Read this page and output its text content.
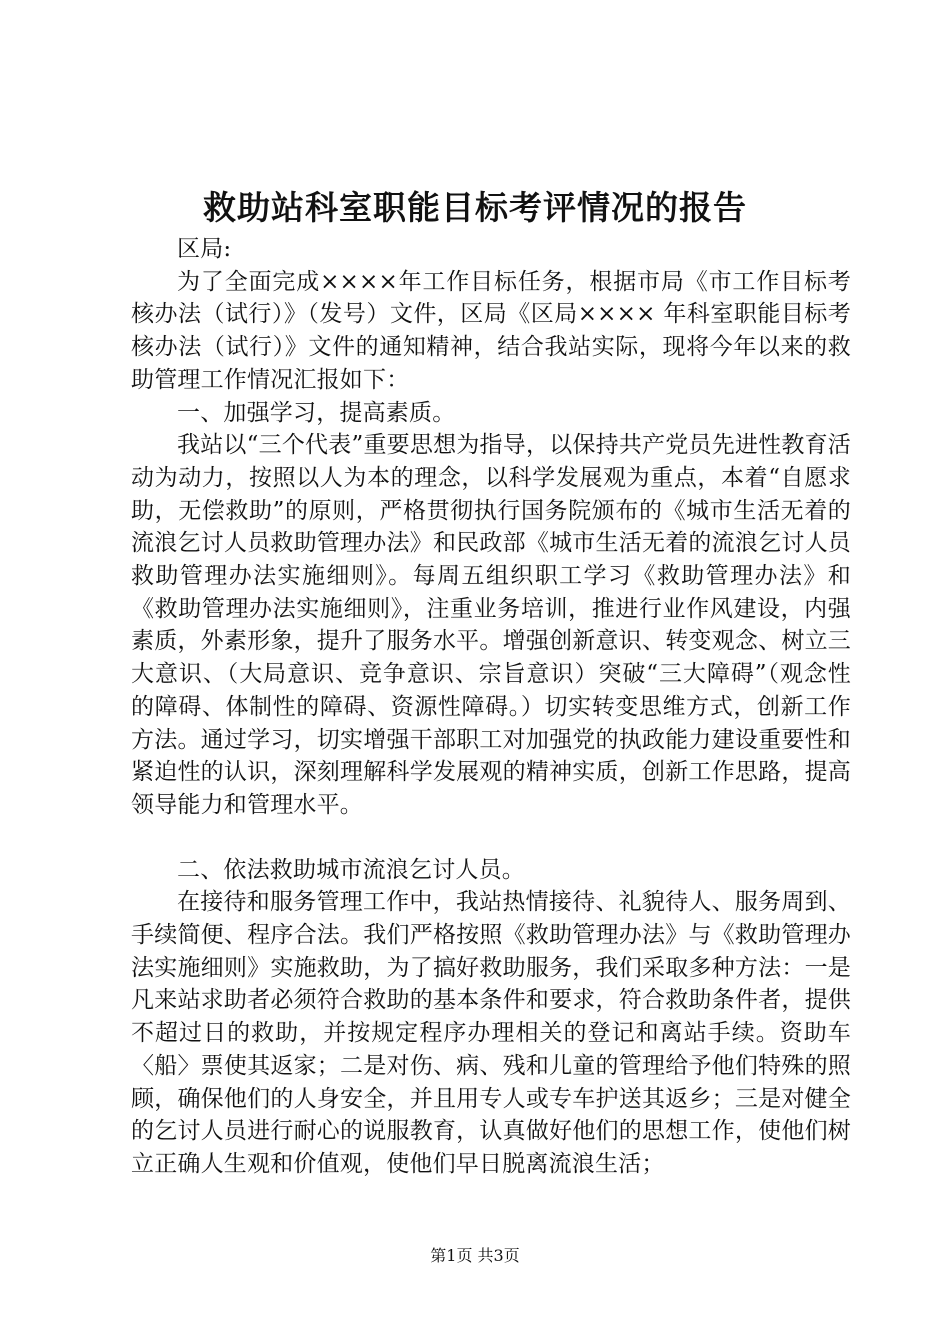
救助站科室职能目标考评情况的报告

区局:

为了全面完成××××年工作目标任务，根据市局《市工作目标考核办法（试行）》（发号）文件，区局《区局×××× 年科室职能目标考核办法（试行）》文件的通知精神，结合我站实际，现将今年以来的救助管理工作情况汇报如下：

一、加强学习，提高素质。

我站以“三个代表”重要思想为指导，以保持共产党员先进性教育活动为动力，按照以人为本的理念，以科学发展观为重点，本着“自愿求助，无偿救助”的原则，严格贯彻执行国务院颁布的《城市生活无着的流浪乞讨人员救助管理办法》和民政部《城市生活无着的流浪乞讨人员救助管理办法实施细则》。每周五组织职工学习《救助管理办法》和《救助管理办法实施细则》，注重业务培训，推进行业作风建设，内强素质，外素形象，提升了服务水平。增强创新意识、转变观念、树立三大意识、（大局意识、竞争意识、宗旨意识）突破“三大障碍”（观念性的障碍、体制性的障碍、资源性障碍。）切实转变思维方式，创新工作方法。通过学习，切实增强干部职工对加强党的执政能力建设重要性和紧迫性的认识，深刻理解科学发展观的精神实质，创新工作思路，提高领导能力和管理水平。

二、依法救助城市流浪乞讨人员。

在接待和服务管理工作中，我站热情接待、礼貌待人、服务周到、手续简便、程序合法。我们严格按照《救助管理办法》与《救助管理办法实施细则》实施救助，为了搞好救助服务，我们采取多种方法：一是凡来站求助者必须符合救助的基本条件和要求，符合救助条件者，提供不超过日的救助，并按规定程序办理相关的登记和离站手续。资助车〈船〉票使其返家；二是对伤、病、残和儿童的管理给予他们特殊的照顾，确保他们的人身安全，并且用专人或专车护送其返乡；三是对健全的乞讨人员进行耐心的说服教育，认真做好他们的思想工作，使他们树立正确人生观和价值观，使他们早日脱离流浪生活；

第1页 共3页
